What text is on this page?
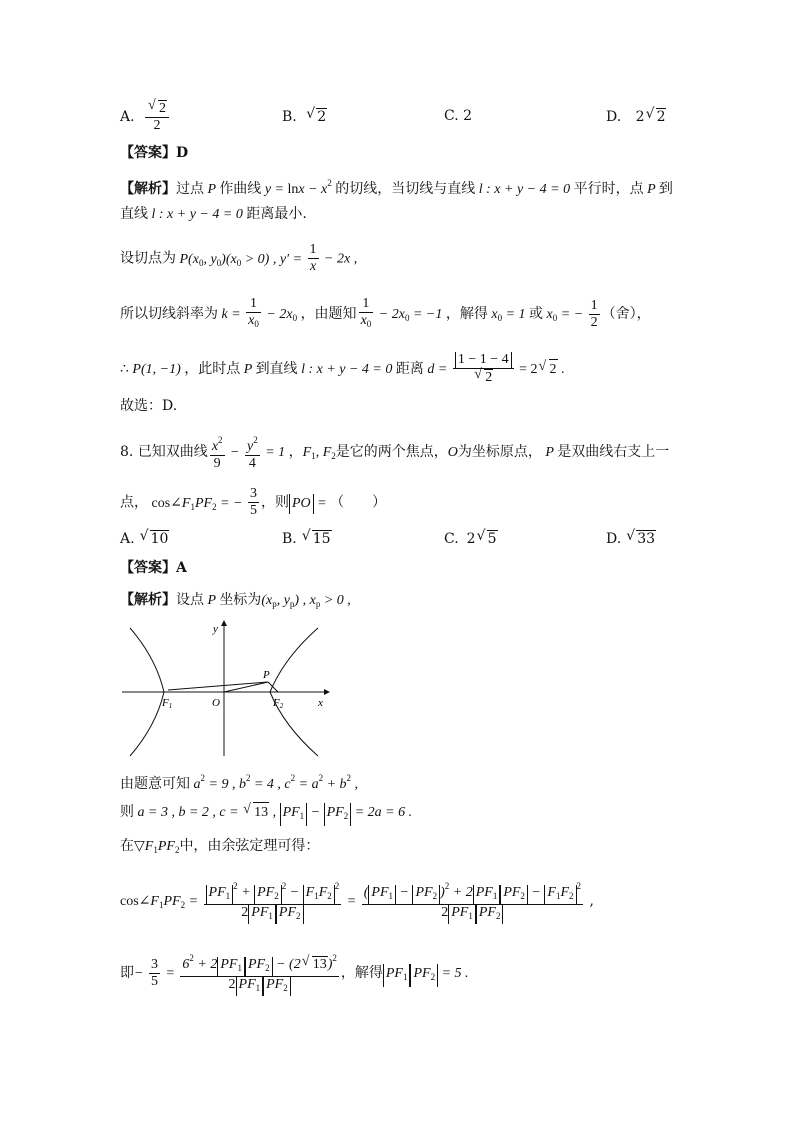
A. √ $\frac{2}{2}$	B. √ 2	C. 2	D. 2 √ 2
【答案】D
【解析】过点 P 作曲线 $y = \ln x - x^2$ 的切线，当切线与直线 l : x + y − 4 = 0 平行时，点 P 到
直线 l : x + y − 4 = 0 距离最小.
设切点为 $P(x_0$, $y_0)(x_0 > 0)$ , $y' = \frac{1}{x} - 2x$ ,
所以切线斜率为 $k = \frac{1}{x_0} - 2x_0$ ，由题知 $\frac{1}{x_0} - 2x_0 = -1$ ，解得 $x_0 = 1$ 或 $x_0$ = − $\frac{1}{2}$ （舍），
∴ P(1, −1) ，此时点 P 到直线 l : x + y − 4 = 0 距离 d = 1 − 1 − 4
√ 2 = 2 √ 2 .
故选：D.
8. 已知双曲线 $\frac{x^2}{9} - \frac{y^2}{4} = 1$ ，$F_1$, $F_2$是它的两个焦点，O为坐标原点， P 是双曲线右支上一
点， $\cos\angle F_1PF_2$ = − $\frac{3}{5}$ ，则 PO = （　　）
A. √ 10	B. √ 15	C. 2 √ 5	D. √ 33
【答案】A
【解析】设点 P 坐标为($x_p$, $y_p$) , $x_p > 0$ ,
y
x
O
P
F1	F2
由题意可知 $a^2 = 9$ , $b^2 = 4$ , $c^2 = a^2 + b^2$ ,
则 a = 3 , b = 2 , c = √ 13 , $PF_1 - PF_2 = 2a = 6$ .
在$▽F_1PF_2$中，由余弦定理可得：
$\cos\angle F_1PF_2 = \frac{PF_1^2 + PF_2^2 - F_1F_2^2}{2 PF_1 PF_2} = \frac{( PF_1 - PF_2 )^2 + 2 PF_1 PF_2 - F_1F_2^2}{2 PF_1 PF_2}$ ,
即− $\frac{3}{5} = \frac{6^2 + 2 PF_1 PF_2 - (2 √ 13)^2}{2 PF_1 PF_2}$ ，解得 $PF_1$ $PF_2 = 5$ .
